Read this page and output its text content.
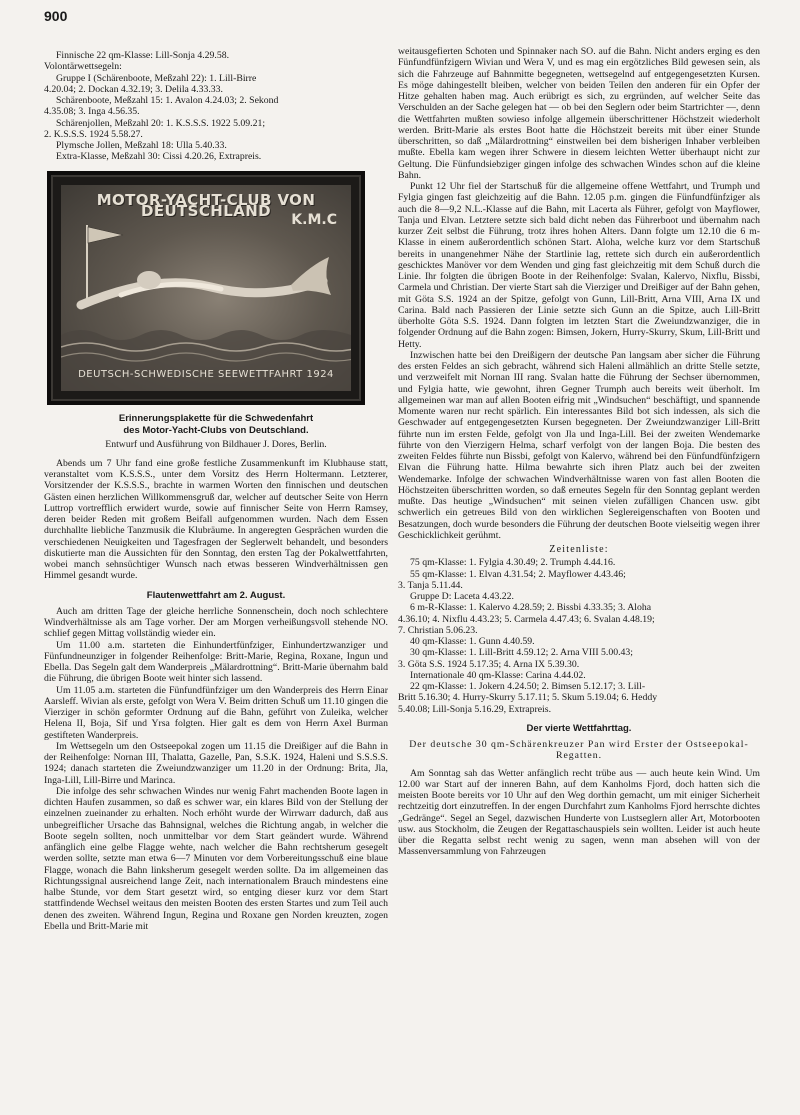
900

Finnische 22 qm-Klasse: Lill-Sonja 4.29.58.

Volontärwettsegeln:

Gruppe I (Schärenboote, Meßzahl 22): 1. Lill-Birre

4.20.04; 2. Dockan 4.32.19; 3. Delila 4.33.33.

Schärenboote, Meßzahl 15: 1. Avalon 4.24.03; 2. Sekond

4.35.08; 3. Inga 4.56.35.

Schärenjollen, Meßzahl 20: 1. K.S.S.S. 1922 5.09.21;

2. K.S.S.S. 1924 5.58.27.

Plymsche Jollen, Meßzahl 18: Ulla 5.40.33.

Extra-Klasse, Meßzahl 30: Cissi 4.20.26, Extrapreis.

MOTOR-YACHT-CLUB VON DEUTSCHLAND	K.M.C
DEUTSCH-SCHWEDISCHE SEEWETTFAHRT 1924
Erinnerungsplakette für die Schwedenfahrt
des Motor-Yacht-Clubs von Deutschland.
Entwurf und Ausführung von Bildhauer J. Dores, Berlin.

Abends um 7 Uhr fand eine große festliche Zusammenkunft im Klubhause statt, veranstaltet vom K.S.S.S., unter dem Vorsitz des Herrn Holtermann. Letzterer, Vorsitzender der K.S.S.S., brachte in warmen Worten den finnischen und deutschen Gästen einen herzlichen Willkommensgruß dar, welcher auf deutscher Seite von Herrn Luttrop vortrefflich erwidert wurde, sowie auf finnischer Seite von Herrn Ramsey, deren beider Reden mit großem Beifall aufgenommen wurden. Nach dem Essen durchhallte liebliche Tanzmusik die Klubräume. In angeregten Gesprächen wurden die verschiedenen Neuigkeiten und Tagesfragen der Seglerwelt behandelt, und besonders diskutierte man die Aussichten für den Sonntag, den ersten Tag der Pokalwettfahrten, wobei manch sehnsüchtiger Wunsch nach etwas besseren Windverhältnissen gen Himmel gesandt wurde.

Flautenwettfahrt am 2. August.

Auch am dritten Tage der gleiche herrliche Sonnenschein, doch noch schlechtere Windverhältnisse als am Tage vorher. Der am Morgen verheißungsvoll stehende NO. schlief gegen Mittag vollständig wieder ein.

Um 11.00 a.m. starteten die Einhundertfünfziger, Einhundertzwanziger und Fünfundneunziger in folgender Reihenfolge: Britt-Marie, Regina, Roxane, Ingun und Ebella. Das Segeln galt dem Wanderpreis „Mälardrottning“. Britt-Marie übernahm bald die Führung, die übrigen Boote weit hinter sich lassend.

Um 11.05 a.m. starteten die Fünfundfünfziger um den Wanderpreis des Herrn Einar Aarsleff. Wivian als erste, gefolgt von Wera V. Beim dritten Schuß um 11.10 gingen die Vierziger in schön geformter Ordnung auf die Bahn, geführt von Zuleika, welcher Helena II, Boja, Sif und Yrsa folgten. Hier galt es dem von Herrn Axel Burman gestifteten Wanderpreis.

Im Wettsegeln um den Ostseepokal zogen um 11.15 die Dreißiger auf die Bahn in der Reihenfolge: Nornan III, Thalatta, Gazelle, Pan, S.S.K. 1924, Haleni und S.S.S.S. 1924; danach starteten die Zweiundzwanziger um 11.20 in der Ordnung: Brita, Jla, Inga-Lill, Lill-Birre und Marinca.

Die infolge des sehr schwachen Windes nur wenig Fahrt machenden Boote lagen in dichten Haufen zusammen, so daß es schwer war, ein klares Bild von der Stellung der einzelnen zueinander zu erhalten. Noch erhöht wurde der Wirrwarr dadurch, daß aus unbegreiflicher Ursache das Bahnsignal, welches die Richtung angab, in welcher die Boote segeln sollten, noch unmittelbar vor dem Start geändert wurde. Während anfänglich eine gelbe Flagge wehte, nach welcher die Bahn rechtsherum gesegelt werden sollte, setzte man etwa 6—7 Minuten vor dem Vorbereitungsschuß eine blaue Flagge, wonach die Bahn linksherum gesegelt werden sollte. Da im allgemeinen das Richtungssignal ausreichend lange Zeit, nach internationalem Brauch mindestens eine halbe Stunde, vor dem Start gesetzt wird, so entging dieser kurz vor dem Start stattfindende Wechsel weitaus den meisten Booten des ersten Startes und zum Teil auch denen des zweiten. Während Ingun, Regina und Roxane gen Norden kreuzten, zogen Ebella und Britt-Marie mit

weitausgefierten Schoten und Spinnaker nach SO. auf die Bahn. Nicht anders erging es den Fünfundfünfzigern Wivian und Wera V, und es mag ein ergötzliches Bild gewesen sein, als sich die Fahrzeuge auf Bahnmitte begegneten, wettsegelnd auf entgegengesetzten Kursen. Es möge dahingestellt bleiben, welcher von beiden Teilen den anderen für ein Opfer der Hitze gehalten haben mag. Auch erübrigt es sich, zu ergründen, auf welcher Seite das Verschulden an der Sache gelegen hat — ob bei den Seglern oder beim Startrichter —, denn die Wettfahrten mußten sowieso infolge allgemein überschrittener Höchstzeit wiederholt werden. Britt-Marie als erstes Boot hatte die Höchstzeit bereits mit über einer Stunde überschritten, so daß „Mälardrottning“ einstweilen bei dem bisherigen Inhaber verbleiben mußte. Ebella kam wegen ihrer Schwere in diesem leichten Wetter überhaupt nicht zur Geltung. Die Fünfundsiebziger gingen infolge des schwachen Windes schon auf die kleine Bahn.

Punkt 12 Uhr fiel der Startschuß für die allgemeine offene Wettfahrt, und Trumph und Fylgia gingen fast gleichzeitig auf die Bahn. 12.05 p.m. gingen die Fünfundfünfziger als auch die 8—9,2 N.L.-Klasse auf die Bahn, mit Lacerta als Führer, gefolgt von Mayflower, Tanja und Elvan. Letztere setzte sich bald dicht neben das Führerboot und übernahm nach kurzer Zeit selbst die Führung, trotz ihres hohen Alters. Dann folgte um 12.10 die 6 m-Klasse in einem außerordentlich schönen Start. Aloha, welche kurz vor dem Startschuß bereits in unangenehmer Nähe der Startlinie lag, rettete sich durch ein außerordentlich geschicktes Manöver vor dem Wenden und ging fast gleichzeitig mit dem Schuß durch die Linie. Ihr folgten die übrigen Boote in der Reihenfolge: Svalan, Kalervo, Nixflu, Bissbi, Carmela und Christian. Der vierte Start sah die Vierziger und Dreißiger auf der Bahn gehen, mit Göta S.S. 1924 an der Spitze, gefolgt von Gunn, Lill-Britt, Arna VIII, Arna IX und Carina. Bald nach Passieren der Linie setzte sich Gunn an die Spitze, auch Lill-Britt überholte Göta S.S. 1924. Dann folgten im letzten Start die Zweiundzwanziger, die in folgender Ordnung auf die Bahn zogen: Bimsen, Jokern, Hurry-Skurry, Skum, Lill-Britt und Hetty.

Inzwischen hatte bei den Dreißigern der deutsche Pan langsam aber sicher die Führung des ersten Feldes an sich gebracht, während sich Haleni allmählich an dritte Stelle setzte, und verzweifelt mit Nornan III rang. Svalan hatte die Führung der Sechser übernommen, und Fylgia hatte, wie gewohnt, ihren Gegner Trumph auch bereits weit überholt. Im allgemeinen war man auf allen Booten eifrig mit „Windsuchen“ beschäftigt, und spannende Momente waren nur recht spärlich. Ein interessantes Bild bot sich indessen, als sich die Geschwader auf entgegengesetzten Kursen begegneten. Der Zweiundzwanziger Lill-Britt führte nun im ersten Felde, gefolgt von Jla und Inga-Lill. Bei der zweiten Wendemarke führte von den Vierzigern Helma, scharf verfolgt von der langen Boja. Die besten des zweiten Feldes führte nun Bissbi, gefolgt von Kalervo, während bei den Fünfundfünfzigern Elvan die Führung hatte. Hilma bewahrte sich ihren Platz auch bei der zweiten Wendemarke. Infolge der schwachen Windverhältnisse waren von fast allen Booten die Höchstzeiten überschritten worden, so daß erneutes Segeln für den Sonntag geplant werden mußte. Das heutige „Windsuchen“ mit seinen vielen zufälligen Chancen usw. gibt schwerlich ein getreues Bild von den wirklichen Seglereigenschaften von Booten und Besatzungen, doch wurde besonders die Führung der deutschen Boote vielseitig wegen ihrer Geschicklichkeit gerühmt.

Zeitenliste:

75 qm-Klasse: 1. Fylgia 4.30.49; 2. Trumph 4.44.16.

55 qm-Klasse: 1. Elvan 4.31.54; 2. Mayflower 4.43.46;

3. Tanja 5.11.44.

Gruppe D: Laceta 4.43.22.

6 m-R-Klasse: 1. Kalervo 4.28.59; 2. Bissbi 4.33.35; 3. Aloha

4.36.10; 4. Nixflu 4.43.23; 5. Carmela 4.47.43; 6. Svalan 4.48.19;

7. Christian 5.06.23.

40 qm-Klasse: 1. Gunn 4.40.59.

30 qm-Klasse: 1. Lill-Britt 4.59.12; 2. Arna VIII 5.00.43;

3. Göta S.S. 1924 5.17.35; 4. Arna IX 5.39.30.

Internationale 40 qm-Klasse: Carina 4.44.02.

22 qm-Klasse: 1. Jokern 4.24.50; 2. Bimsen 5.12.17; 3. Lill-

Britt 5.16.30; 4. Hurry-Skurry 5.17.11; 5. Skum 5.19.04; 6. Heddy

5.40.08; Lill-Sonja 5.16.29, Extrapreis.

Der vierte Wettfahrttag.

Der deutsche 30 qm-Schärenkreuzer Pan wird Erster der Ostseepokal-Regatten.

Am Sonntag sah das Wetter anfänglich recht trübe aus — auch heute kein Wind. Um 12.00 war Start auf der inneren Bahn, auf dem Kanholms Fjord, doch hatten sich die meisten Boote bereits vor 10 Uhr auf den Weg dorthin gemacht, um mit einiger Sicherheit rechtzeitig dort einzutreffen. In der engen Durchfahrt zum Kanholms Fjord herrschte dichtes „Gedränge“. Segel an Segel, dazwischen Hunderte von Lustseglern aller Art, Motorbooten usw. aus Stockholm, die Zeugen der Regattaschauspiels sein wollten. Leider ist auch heute über die Regatta selbst recht wenig zu sagen, wenn man absehen will von der Massenversammlung von Fahrzeugen
